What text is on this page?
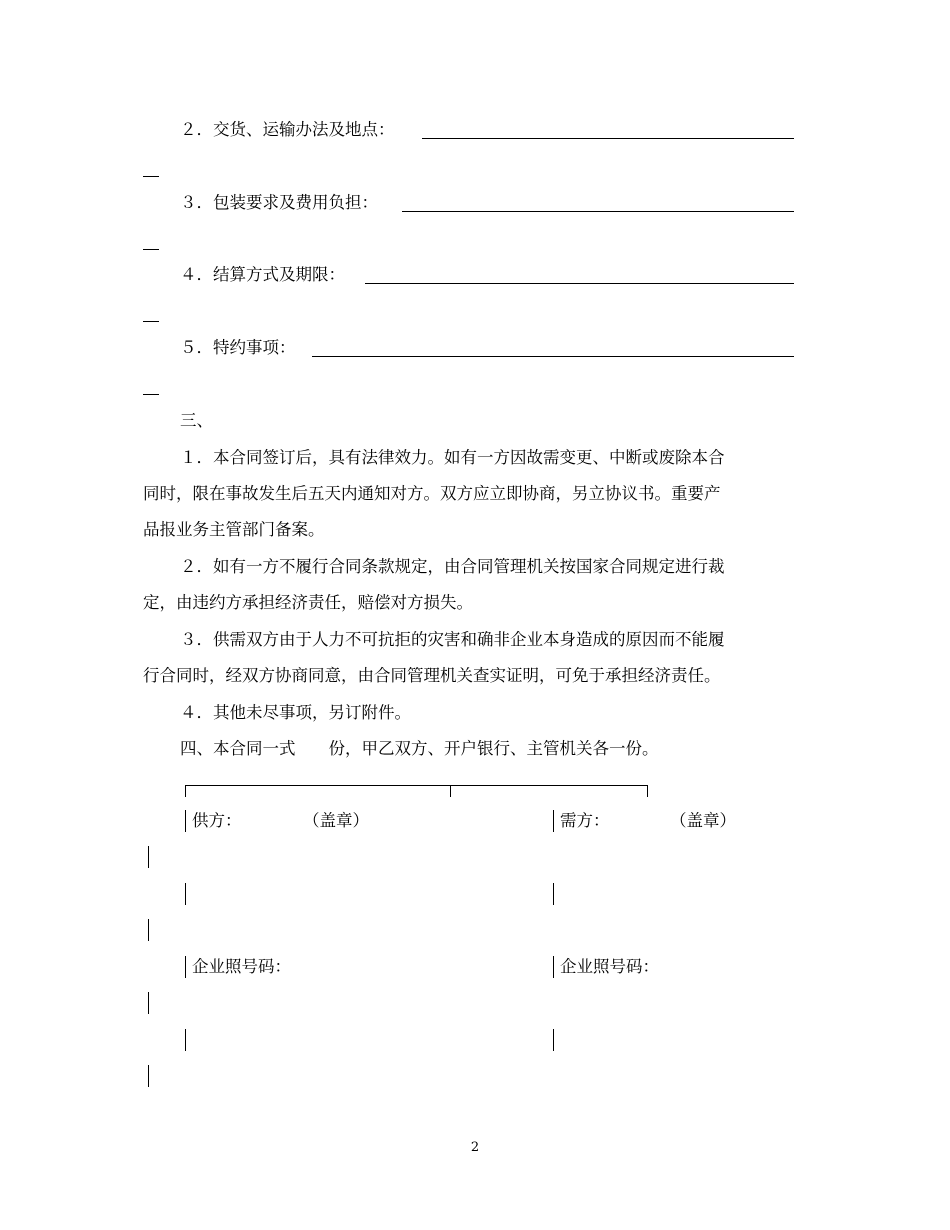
２．交货、运输办法及地点：
３．包装要求及费用负担：
４．结算方式及期限：
５．特约事项：
三、
１．本合同签订后，具有法律效力。如有一方因故需变更、中断或废除本合
同时，限在事故发生后五天内通知对方。双方应立即协商，另立协议书。重要产
品报业务主管部门备案。
２．如有一方不履行合同条款规定，由合同管理机关按国家合同规定进行裁
定，由违约方承担经济责任，赔偿对方损失。
３．供需双方由于人力不可抗拒的灾害和确非企业本身造成的原因而不能履
行合同时，经双方协商同意，由合同管理机关查实证明，可免于承担经济责任。
４．其他未尽事项，另订附件。
四、本合同一式　　份，甲乙双方、开户银行、主管机关各一份。
供方：	（盖章）	需方：	（盖章）
企业照号码：	企业照号码：
2
